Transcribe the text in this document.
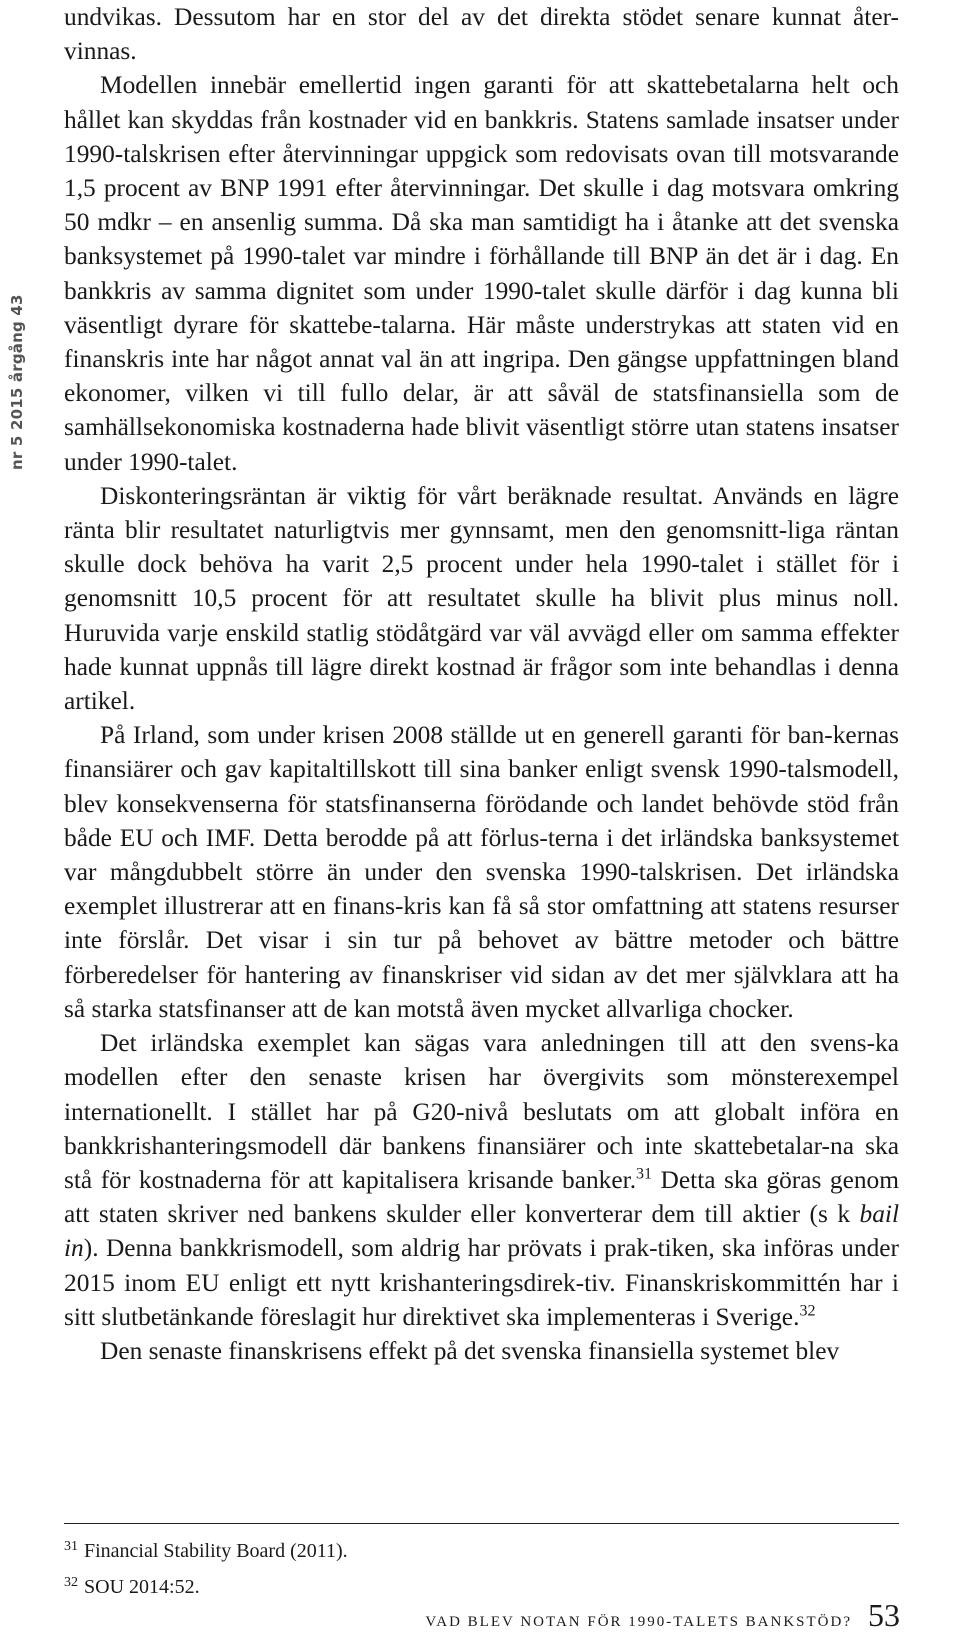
nr 5 2015 årgång 43

undvikas. Dessutom har en stor del av det direkta stödet senare kunnat åter-vinnas.

Modellen innebär emellertid ingen garanti för att skattebetalarna helt och hållet kan skyddas från kostnader vid en bankkris. Statens samlade insatser under 1990-talskrisen efter återvinningar uppgick som redovisats ovan till motsvarande 1,5 procent av BNP 1991 efter återvinningar. Det skulle i dag motsvara omkring 50 mdkr – en ansenlig summa. Då ska man samtidigt ha i åtanke att det svenska banksystemet på 1990-talet var mindre i förhållande till BNP än det är i dag. En bankkris av samma dignitet som under 1990-talet skulle därför i dag kunna bli väsentligt dyrare för skattebe-talarna. Här måste understrykas att staten vid en finanskris inte har något annat val än att ingripa. Den gängse uppfattningen bland ekonomer, vilken vi till fullo delar, är att såväl de statsfinansiella som de samhällsekonomiska kostnaderna hade blivit väsentligt större utan statens insatser under 1990-talet.

Diskonteringsräntan är viktig för vårt beräknade resultat. Används en lägre ränta blir resultatet naturligtvis mer gynnsamt, men den genomsnitt-liga räntan skulle dock behöva ha varit 2,5 procent under hela 1990-talet i stället för i genomsnitt 10,5 procent för att resultatet skulle ha blivit plus minus noll. Huruvida varje enskild statlig stödåtgärd var väl avvägd eller om samma effekter hade kunnat uppnås till lägre direkt kostnad är frågor som inte behandlas i denna artikel.

På Irland, som under krisen 2008 ställde ut en generell garanti för ban-kernas finansiärer och gav kapitaltillskott till sina banker enligt svensk 1990-talsmodell, blev konsekvenserna för statsfinanserna förödande och landet behövde stöd från både EU och IMF. Detta berodde på att förlus-terna i det irländska banksystemet var mångdubbelt större än under den svenska 1990-talskrisen. Det irländska exemplet illustrerar att en finans-kris kan få så stor omfattning att statens resurser inte förslår. Det visar i sin tur på behovet av bättre metoder och bättre förberedelser för hantering av finanskriser vid sidan av det mer självklara att ha så starka statsfinanser att de kan motstå även mycket allvarliga chocker.

Det irländska exemplet kan sägas vara anledningen till att den svens-ka modellen efter den senaste krisen har övergivits som mönsterexempel internationellt. I stället har på G20-nivå beslutats om att globalt införa en bankkrishanteringsmodell där bankens finansiärer och inte skattebetalar-na ska stå för kostnaderna för att kapitalisera krisande banker.$^{31}$ Detta ska göras genom att staten skriver ned bankens skulder eller konverterar dem till aktier (s k bail in). Denna bankkrismodell, som aldrig har prövats i prak-tiken, ska införas under 2015 inom EU enligt ett nytt krishanteringsdirek-tiv. Finanskriskommittén har i sitt slutbetänkande föreslagit hur direktivet ska implementeras i Sverige.$^{32}$

Den senaste finanskrisens effekt på det svenska finansiella systemet blev

$^{31}$ Financial Stability Board (2011).
$^{32}$ SOU 2014:52.
VAD BLEV NOTAN FÖR 1990-TALETS BANKSTÖD? 53
